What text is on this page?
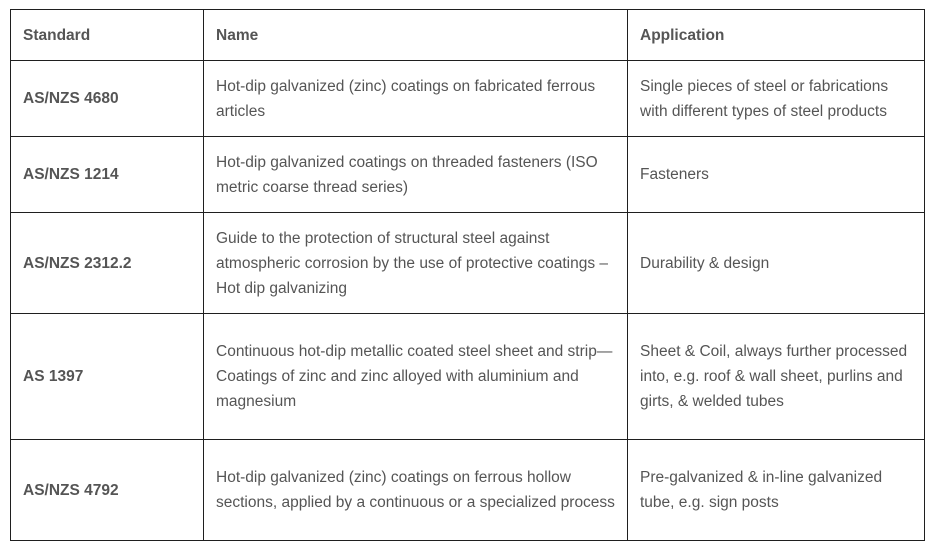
Standard	Name	Application
AS/NZS 4680	Hot-dip galvanized (zinc) coatings on fabricated ferrous articles	Single pieces of steel or fabrications with different types of steel products

AS/NZS 1214	Hot-dip galvanized coatings on threaded fasteners (ISO metric coarse thread series)	Fasteners

AS/NZS 2312.2	Guide to the protection of structural steel against atmospheric corrosion by the use of protective coatings – Hot dip galvanizing	Durability & design

AS 1397	Continuous hot-dip metallic coated steel sheet and strip—Coatings of zinc and zinc alloyed with aluminium and magnesium	Sheet & Coil, always further processed into, e.g. roof & wall sheet, purlins and girts, & welded tubes

AS/NZS 4792	Hot-dip galvanized (zinc) coatings on ferrous hollow sections, applied by a continuous or a specialized process	Pre-galvanized & in-line galvanized tube, e.g. sign posts
